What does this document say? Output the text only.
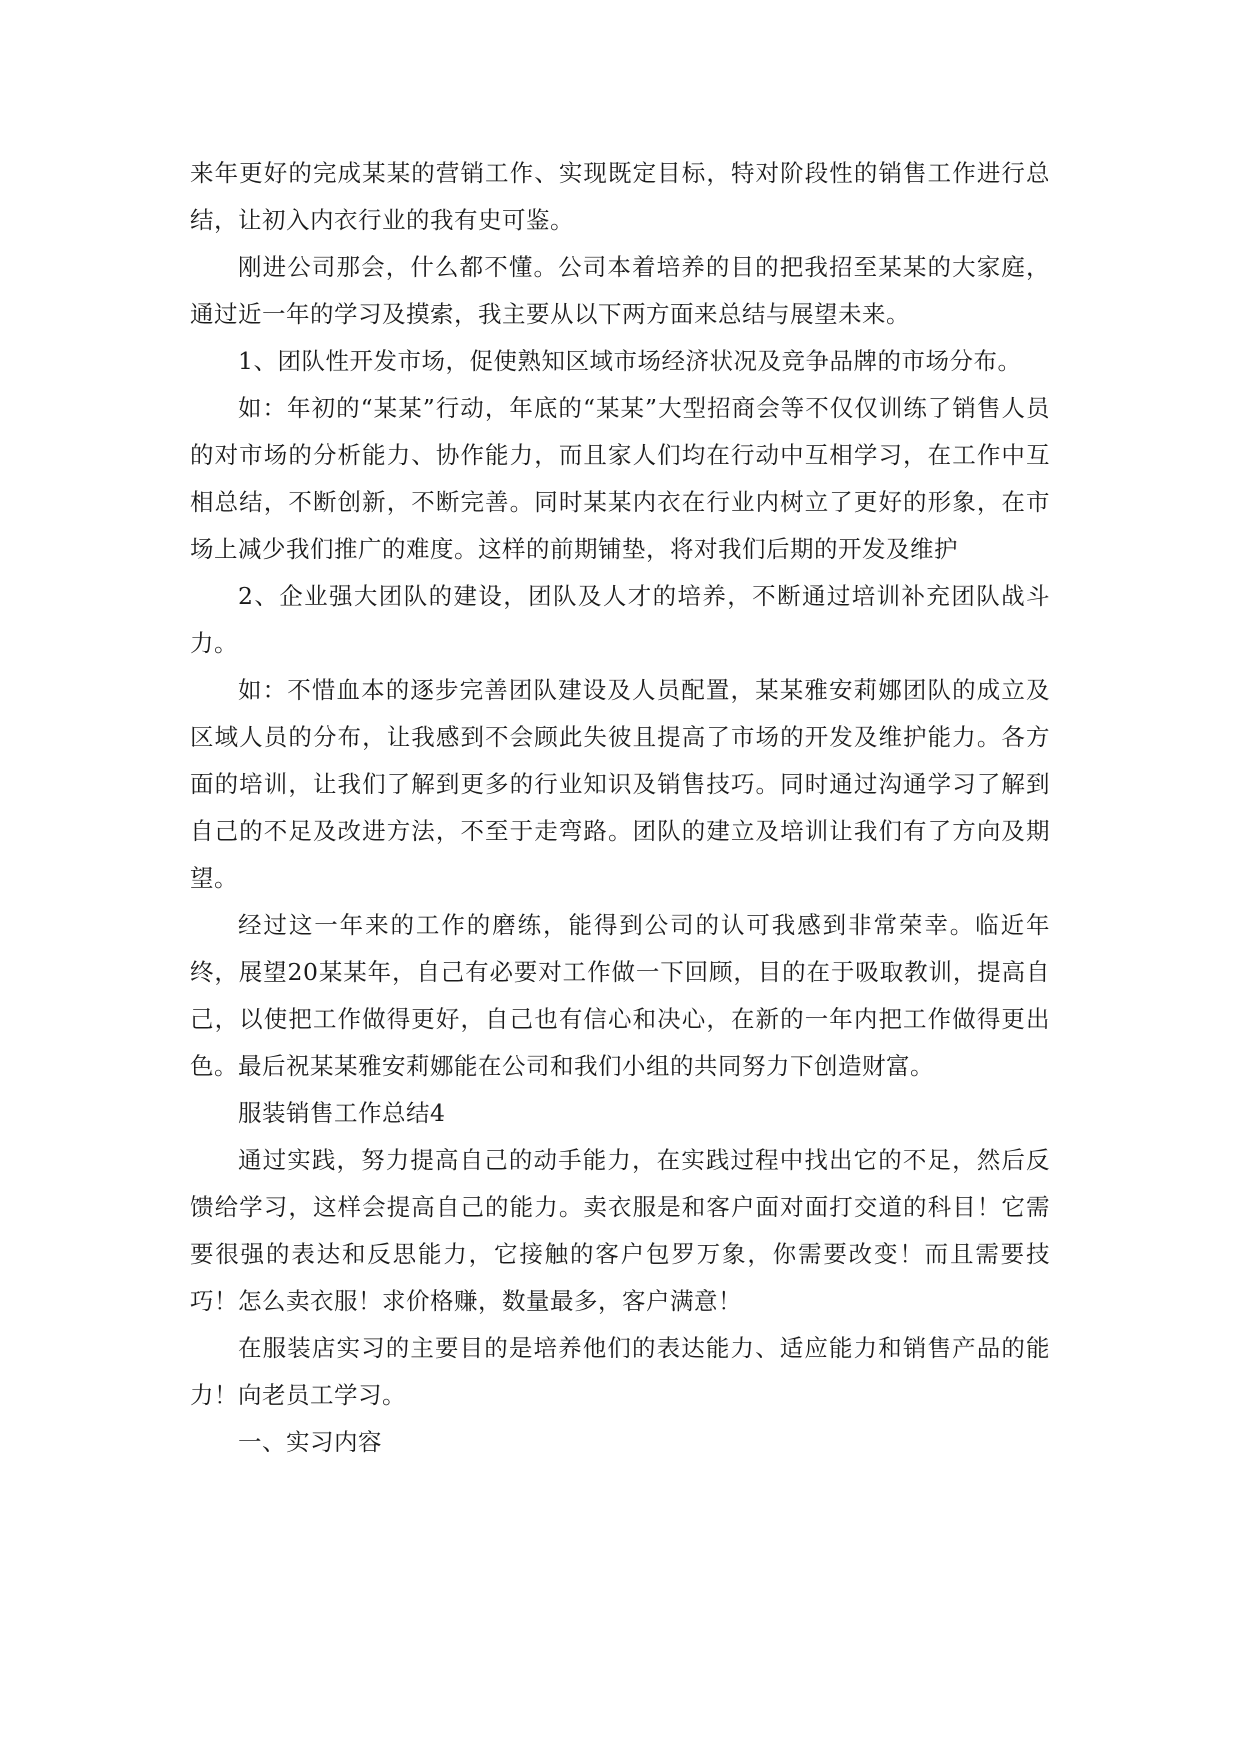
来年更好的完成某某的营销工作、实现既定目标，特对阶段性的销售工作进行总结，让初入内衣行业的我有史可鉴。

刚进公司那会，什么都不懂。公司本着培养的目的把我招至某某的大家庭，通过近一年的学习及摸索，我主要从以下两方面来总结与展望未来。

1、团队性开发市场，促使熟知区域市场经济状况及竞争品牌的市场分布。

如：年初的“某某”行动，年底的“某某”大型招商会等不仅仅训练了销售人员的对市场的分析能力、协作能力，而且家人们均在行动中互相学习，在工作中互相总结，不断创新，不断完善。同时某某内衣在行业内树立了更好的形象，在市场上减少我们推广的难度。这样的前期铺垫，将对我们后期的开发及维护

2、企业强大团队的建设，团队及人才的培养，不断通过培训补充团队战斗力。

如：不惜血本的逐步完善团队建设及人员配置，某某雅安莉娜团队的成立及区域人员的分布，让我感到不会顾此失彼且提高了市场的开发及维护能力。各方面的培训，让我们了解到更多的行业知识及销售技巧。同时通过沟通学习了解到自己的不足及改进方法，不至于走弯路。团队的建立及培训让我们有了方向及期望。

经过这一年来的工作的磨练，能得到公司的认可我感到非常荣幸。临近年终，展望20某某年，自己有必要对工作做一下回顾，目的在于吸取教训，提高自己，以使把工作做得更好，自己也有信心和决心，在新的一年内把工作做得更出色。最后祝某某雅安莉娜能在公司和我们小组的共同努力下创造财富。

服装销售工作总结4

通过实践，努力提高自己的动手能力，在实践过程中找出它的不足，然后反馈给学习，这样会提高自己的能力。卖衣服是和客户面对面打交道的科目！它需要很强的表达和反思能力，它接触的客户包罗万象，你需要改变！而且需要技巧！怎么卖衣服！求价格赚，数量最多，客户满意！

在服装店实习的主要目的是培养他们的表达能力、适应能力和销售产品的能力！向老员工学习。

一、实习内容
